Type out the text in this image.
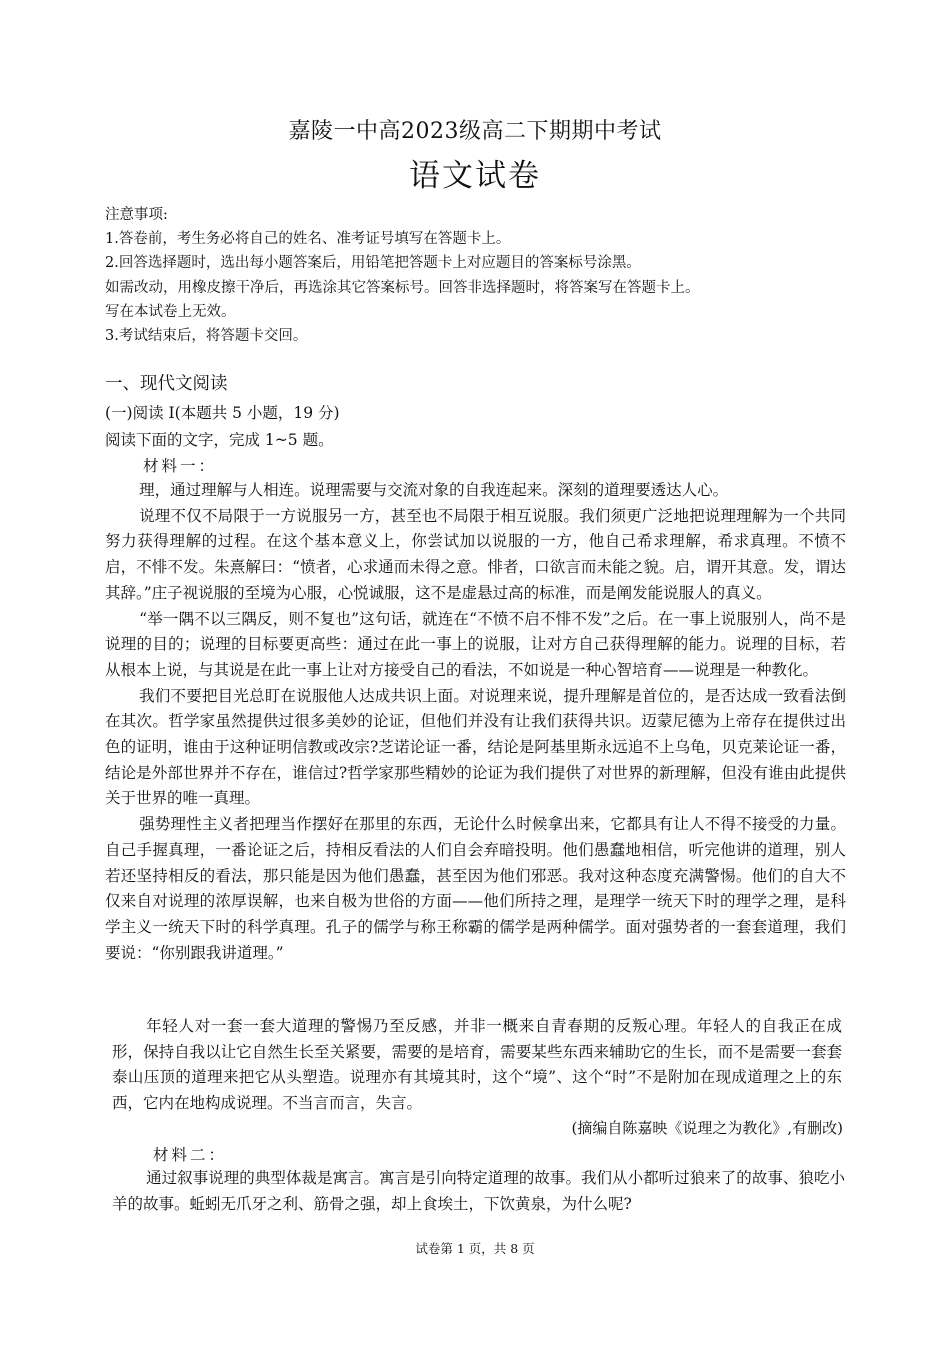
嘉陵一中高2023级高二下期期中考试
语文试卷
注意事项:
1.答卷前，考生务必将自己的姓名、准考证号填写在答题卡上。
2.回答选择题时，选出每小题答案后，用铅笔把答题卡上对应题目的答案标号涂黑。
如需改动，用橡皮擦干净后，再选涂其它答案标号。回答非选择题时，将答案写在答题卡上。
写在本试卷上无效。
3.考试结束后，将答题卡交回。
一、现代文阅读
(一)阅读 I(本题共 5 小题，19 分)
阅读下面的文字，完成 1~5 题。
材料一：

理，通过理解与人相连。说理需要与交流对象的自我连起来。深刻的道理要透达人心。

说理不仅不局限于一方说服另一方，甚至也不局限于相互说服。我们须更广泛地把说理理解为一个共同努力获得理解的过程。在这个基本意义上，你尝试加以说服的一方，他自己希求理解，希求真理。不愤不启，不悱不发。朱熹解曰：“愤者，心求通而未得之意。悱者，口欲言而未能之貌。启，谓开其意。发，谓达其辞。”庄子视说服的至境为心服，心悦诚服，这不是虚悬过高的标准，而是阐发能说服人的真义。

“举一隅不以三隅反，则不复也”这句话，就连在“不愤不启不悱不发”之后。在一事上说服别人，尚不是说理的目的；说理的目标要更高些：通过在此一事上的说服，让对方自己获得理解的能力。说理的目标，若从根本上说，与其说是在此一事上让对方接受自己的看法，不如说是一种心智培育——说理是一种教化。

我们不要把目光总盯在说服他人达成共识上面。对说理来说，提升理解是首位的，是否达成一致看法倒在其次。哲学家虽然提供过很多美妙的论证，但他们并没有让我们获得共识。迈蒙尼德为上帝存在提供过出色的证明，谁由于这种证明信教或改宗?芝诺论证一番，结论是阿基里斯永远追不上乌龟，贝克莱论证一番，结论是外部世界并不存在，谁信过?哲学家那些精妙的论证为我们提供了对世界的新理解，但没有谁由此提供关于世界的唯一真理。

强势理性主义者把理当作摆好在那里的东西，无论什么时候拿出来，它都具有让人不得不接受的力量。自己手握真理，一番论证之后，持相反看法的人们自会弃暗投明。他们愚蠢地相信，听完他讲的道理，别人若还坚持相反的看法，那只能是因为他们愚蠢，甚至因为他们邪恶。我对这种态度充满警惕。他们的自大不仅来自对说理的浓厚误解，也来自极为世俗的方面——他们所持之理，是理学一统天下时的理学之理，是科学主义一统天下时的科学真理。孔子的儒学与称王称霸的儒学是两种儒学。面对强势者的一套套道理，我们要说：“你别跟我讲道理。”

年轻人对一套一套大道理的警惕乃至反感，并非一概来自青春期的反叛心理。年轻人的自我正在成形，保持自我以让它自然生长至关紧要，需要的是培育，需要某些东西来辅助它的生长，而不是需要一套套泰山压顶的道理来把它从头塑造。说理亦有其境其时，这个“境”、这个“时”不是附加在现成道理之上的东西，它内在地构成说理。不当言而言，失言。

(摘编自陈嘉映《说理之为教化》,有删改)
材料二：

通过叙事说理的典型体裁是寓言。寓言是引向特定道理的故事。我们从小都听过狼来了的故事、狼吃小羊的故事。蚯蚓无爪牙之利、筋骨之强，却上食埃土，下饮黄泉，为什么呢?

试卷第 1 页，共 8 页
